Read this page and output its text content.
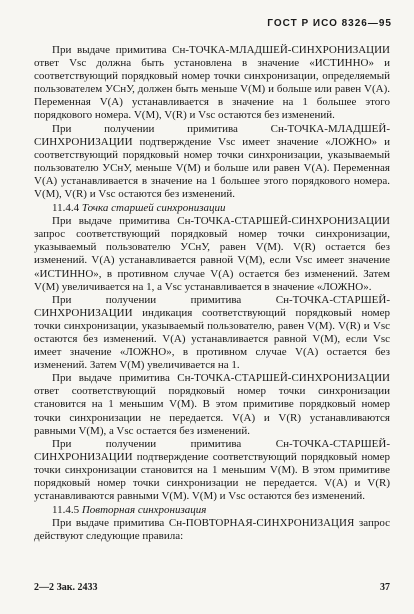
ГОСТ Р ИСО 8326—95

При выдаче примитива Сн-ТОЧКА-МЛАДШЕЙ-СИНХРОНИЗАЦИИ ответ Vsc должна быть установлена в значение «ИСТИННО» и соответствующий порядковый номер точки синхронизации, определяемый пользователем УСнУ, должен быть меньше V(M) и больше или равен V(A). Переменная V(A) устанавливается в значение на 1 большее этого порядкового номера. V(M), V(R) и Vsc остаются без изменений.

При получении примитива Сн-ТОЧКА-МЛАДШЕЙ-СИНХРОНИЗАЦИИ подтверждение Vsc имеет значение «ЛОЖНО» и соответствующий порядковый номер точки синхронизации, указываемый пользователю УСнУ, меньше V(M) и больше или равен V(A). Переменная V(A) устанавливается в значение на 1 большее этого порядкового номера. V(M), V(R) и Vsc остаются без изменений.

11.4.4 Точка старшей синхронизации

При выдаче примитива Сн-ТОЧКА-СТАРШЕЙ-СИНХРОНИЗАЦИИ запрос соответствующий порядковый номер точки синхронизации, указываемый пользователю УСнУ, равен V(M). V(R) остается без изменений. V(A) устанавливается равной V(M), если Vsc имеет значение «ИСТИННО», в противном случае V(A) остается без изменений. Затем V(M) увеличивается на 1, а Vsc устанавливается в значение «ЛОЖНО».

При получении примитива Сн-ТОЧКА-СТАРШЕЙ-СИНХРОНИЗАЦИИ индикация соответствующий порядковый номер точки синхронизации, указываемый пользователю, равен V(M). V(R) и Vsc остаются без изменений. V(A) устанавливается равной V(M), если Vsc имеет значение «ЛОЖНО», в противном случае V(A) остается без изменений. Затем V(M) увеличивается на 1.

При выдаче примитива Сн-ТОЧКА-СТАРШЕЙ-СИНХРОНИЗАЦИИ ответ соответствующий порядковый номер точки синхронизации становится на 1 меньшим V(M). В этом примитиве порядковый номер точки синхронизации не передается. V(A) и V(R) устанавливаются равными V(M), a Vsc остается без изменений.

При получении примитива Сн-ТОЧКА-СТАРШЕЙ-СИНХРОНИЗАЦИИ подтверждение соответствующий порядковый номер точки синхронизации становится на 1 меньшим V(M). В этом примитиве порядковый номер точки синхронизации не передается. V(A) и V(R) устанавливаются равными V(M). V(M) и Vsc остаются без изменений.

11.4.5 Повторная синхронизация

При выдаче примитива Сн-ПОВТОРНАЯ-СИНХРОНИЗАЦИЯ запрос действуют следующие правила:

2—2 Зак. 2433	37
